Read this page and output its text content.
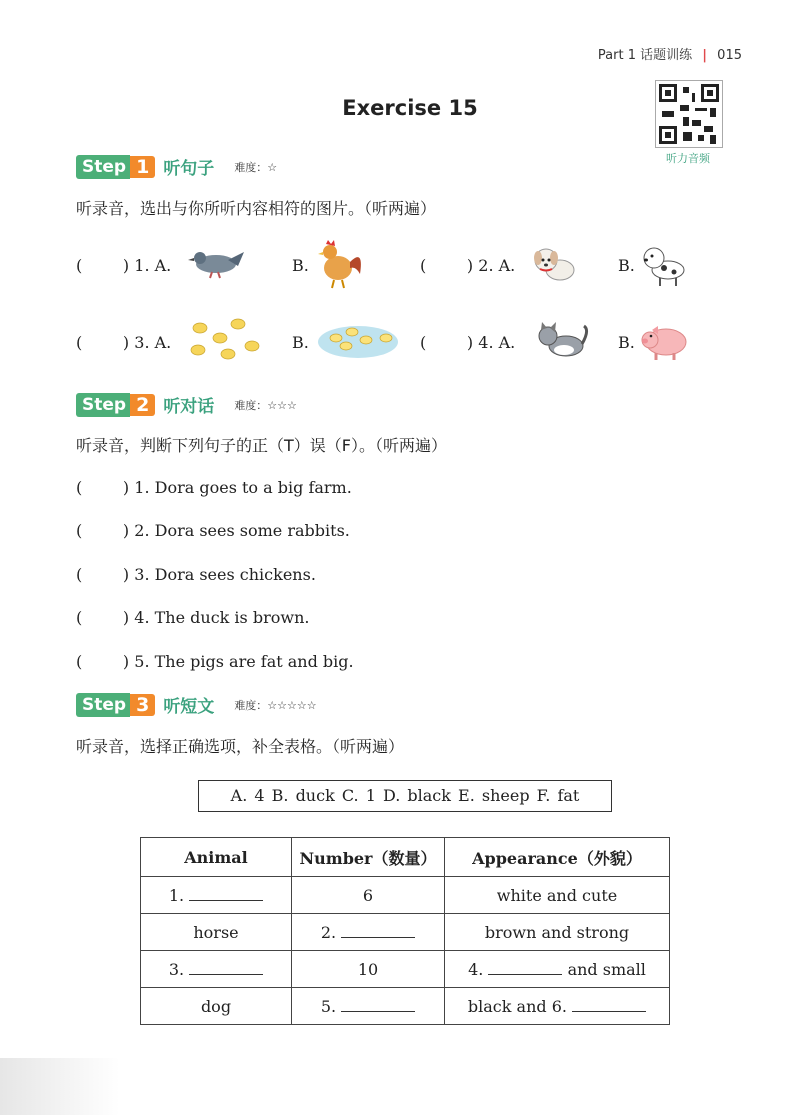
Part 1 话题训练 | 015
Exercise 15
听力音频
Step 1 听句子 难度：☆
听录音，选出与你所听内容相符的图片。（听两遍）
(        ) 1. A.	B.	(        ) 2. A.	B.
(        ) 3. A.	B.	(        ) 4. A.	B.
Step 2 听对话 难度：☆☆☆
听录音，判断下列句子的正（T）误（F）。（听两遍）
(        ) 1. Dora goes to a big farm.
(        ) 2. Dora sees some rabbits.
(        ) 3. Dora sees chickens.
(        ) 4. The duck is brown.
(        ) 5. The pigs are fat and big.
Step 3 听短文 难度：☆☆☆☆☆
听录音，选择正确选项，补全表格。（听两遍）
A. 4 B. duck C. 1 D. black E. sheep F. fat
Animal	Number（数量）	Appearance（外貌）
1.	6	white and cute
horse	2.	brown and strong
3.	10	4. and small
dog	5.	black and 6.
